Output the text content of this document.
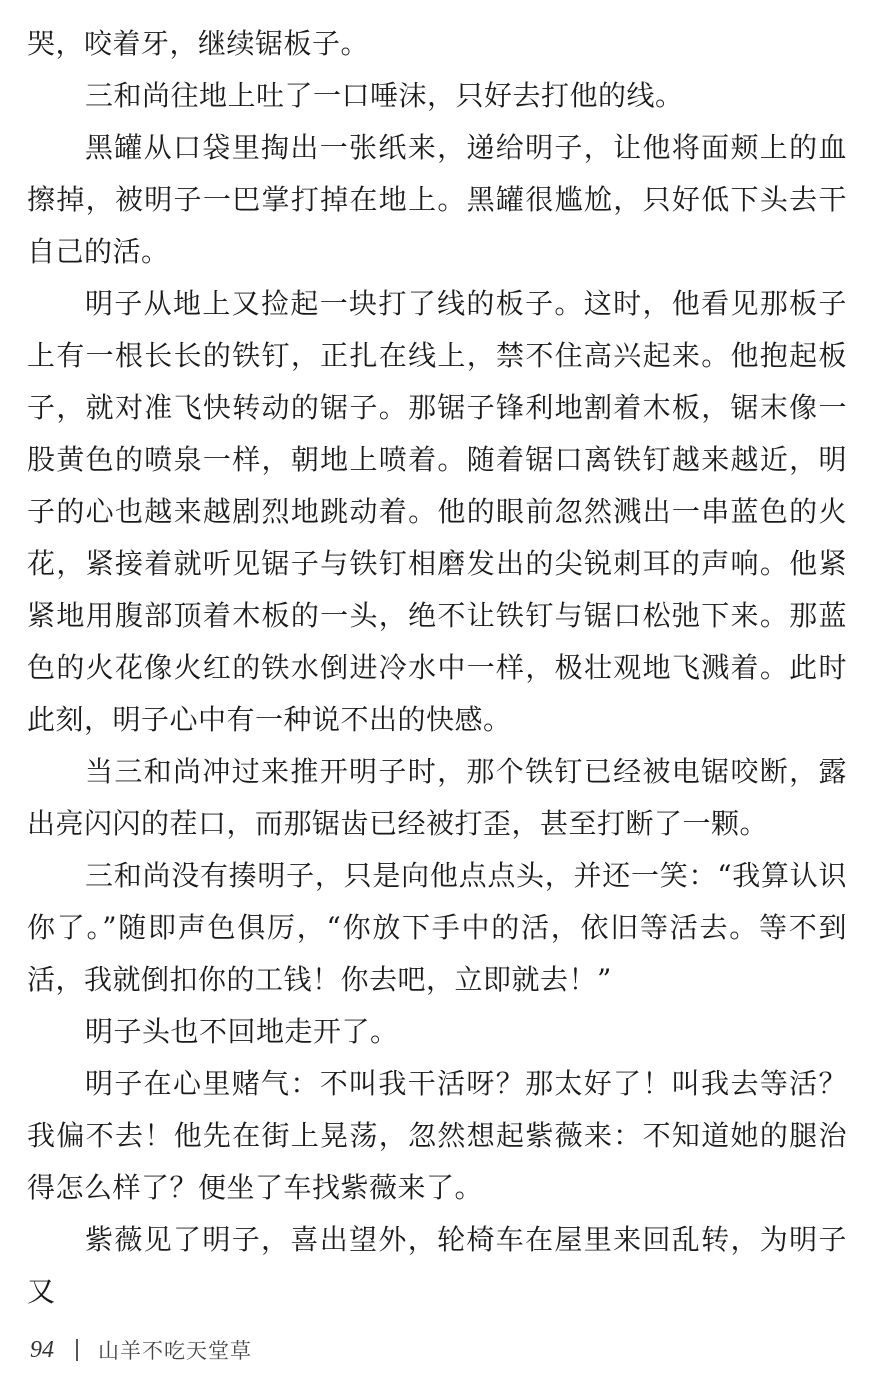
哭，咬着牙，继续锯板子。

三和尚往地上吐了一口唾沫，只好去打他的线。

黑罐从口袋里掏出一张纸来，递给明子，让他将面颊上的血擦掉，被明子一巴掌打掉在地上。黑罐很尴尬，只好低下头去干自己的活。

明子从地上又捡起一块打了线的板子。这时，他看见那板子上有一根长长的铁钉，正扎在线上，禁不住高兴起来。他抱起板子，就对准飞快转动的锯子。那锯子锋利地割着木板，锯末像一股黄色的喷泉一样，朝地上喷着。随着锯口离铁钉越来越近，明子的心也越来越剧烈地跳动着。他的眼前忽然溅出一串蓝色的火花，紧接着就听见锯子与铁钉相磨发出的尖锐刺耳的声响。他紧紧地用腹部顶着木板的一头，绝不让铁钉与锯口松弛下来。那蓝色的火花像火红的铁水倒进冷水中一样，极壮观地飞溅着。此时此刻，明子心中有一种说不出的快感。

当三和尚冲过来推开明子时，那个铁钉已经被电锯咬断，露出亮闪闪的茬口，而那锯齿已经被打歪，甚至打断了一颗。

三和尚没有揍明子，只是向他点点头，并还一笑：“我算认识你了。”随即声色俱厉，“你放下手中的活，依旧等活去。等不到活，我就倒扣你的工钱！你去吧，立即就去！”

明子头也不回地走开了。

明子在心里赌气：不叫我干活呀？那太好了！叫我去等活？我偏不去！他先在街上晃荡，忽然想起紫薇来：不知道她的腿治得怎么样了？便坐了车找紫薇来了。

紫薇见了明子，喜出望外，轮椅车在屋里来回乱转，为明子又

94 山羊不吃天堂草
